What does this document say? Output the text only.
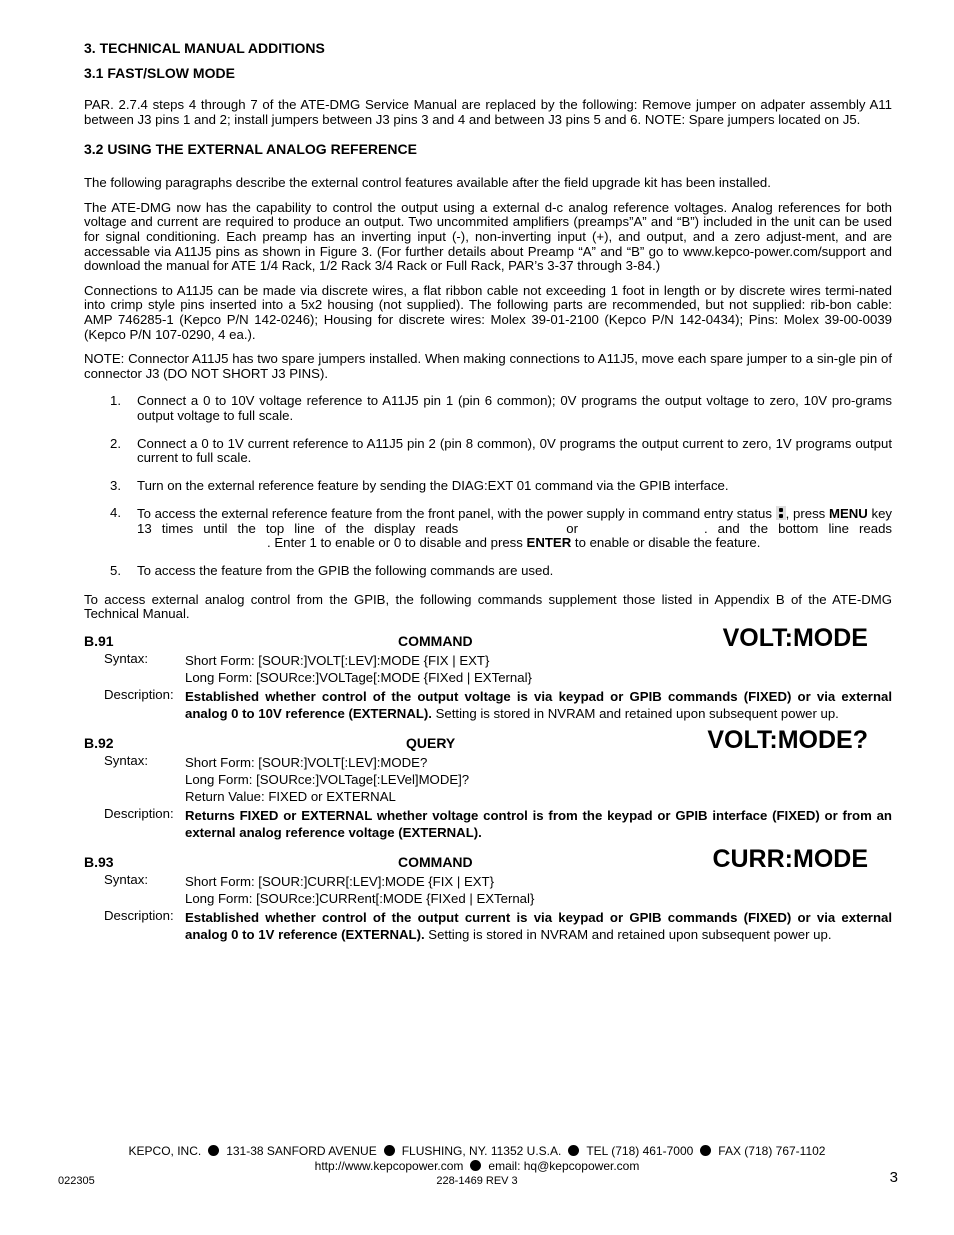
3. TECHNICAL MANUAL ADDITIONS
3.1 FAST/SLOW MODE

PAR. 2.7.4 steps 4 through 7 of the ATE-DMG Service Manual are replaced by the following: Remove jumper on adpater assembly A11 between J3 pins 1 and 2; install jumpers between J3 pins 3 and 4 and between J3 pins 5 and 6. NOTE: Spare jumpers located on J5.

3.2 USING THE EXTERNAL ANALOG REFERENCE

The following paragraphs describe the external control features available after the field upgrade kit has been installed.

The ATE-DMG now has the capability to control the output using a external d-c analog reference voltages. Analog references for both voltage and current are required to produce an output. Two uncommited amplifiers (preamps”A” and “B”) included in the unit can be used for signal conditioning. Each preamp has an inverting input (-), non-inverting input (+), and output, and a zero adjust-ment, and are accessable via A11J5 pins as shown in Figure 3. (For further details about Preamp “A” and “B” go to www.kepco-power.com/support and download the manual for ATE 1/4 Rack, 1/2 Rack 3/4 Rack or Full Rack, PAR’s 3-37 through 3-84.)

Connections to A11J5 can be made via discrete wires, a flat ribbon cable not exceeding 1 foot in length or by discrete wires termi-nated into crimp style pins inserted into a 5x2 housing (not supplied). The following parts are recommended, but not supplied: rib-bon cable: AMP 746285-1 (Kepco P/N 142-0246); Housing for discrete wires: Molex 39-01-2100 (Kepco P/N 142-0434); Pins: Molex 39-00-0039 (Kepco P/N 107-0290, 4 ea.).

NOTE: Connector A11J5 has two spare jumpers installed. When making connections to A11J5, move each spare jumper to a sin-gle pin of connector J3 (DO NOT SHORT J3 PINS).

1. Connect a 0 to 10V voltage reference to A11J5 pin 1 (pin 6 common); 0V programs the output voltage to zero, 10V pro-grams output voltage to full scale.
2. Connect a 0 to 1V current reference to A11J5 pin 2 (pin 8 common), 0V programs the output current to zero, 1V programs output current to full scale.
3. Turn on the external reference feature by sending the DIAG:EXT 01 command via the GPIB interface.
4. To access the external reference feature from the front panel, with the power supply in command entry status , press MENU key 13 times until the top line of the display reads	or	. and the bottom line reads. Enter 1 to enable or 0 to disable and press ENTER to enable or disable the feature.
5. To access the feature from the GPIB the following commands are used.

To access external analog control from the GPIB, the following commands supplement those listed in Appendix B of the ATE-DMG Technical Manual.

B.91	COMMAND	VOLT:MODE
Syntax:	Short Form: [SOUR:]VOLT[:LEV]:MODE {FIX | EXT}
Long Form: [SOURce:]VOLTage[:MODE {FIXed | EXTernal}
Description: Established whether control of the output voltage is via keypad or GPIB commands (FIXED) or via external analog 0 to 10V reference (EXTERNAL). Setting is stored in NVRAM and retained upon subsequent power up.
B.92	QUERY	VOLT:MODE?
Syntax:	Short Form: [SOUR:]VOLT[:LEV]:MODE?
Long Form: [SOURce:]VOLTage[:LEVel]MODE]?
Return Value: FIXED or EXTERNAL
Description: Returns FIXED or EXTERNAL whether voltage control is from the keypad or GPIB interface (FIXED) or from an external analog reference voltage (EXTERNAL).
B.93	COMMAND	CURR:MODE
Syntax:	Short Form: [SOUR:]CURR[:LEV]:MODE {FIX | EXT}
Long Form: [SOURce:]CURRent[:MODE {FIXed | EXTernal}
Description: Established whether control of the output current is via keypad or GPIB commands (FIXED) or via external analog 0 to 1V reference (EXTERNAL). Setting is stored in NVRAM and retained upon subsequent power up.
KEPCO, INC. 131-38 SANFORD AVENUE FLUSHING, NY. 11352 U.S.A. TEL (718) 461-7000 FAX (718) 767-1102
http://www.kepcopower.com email: hq@kepcopower.com
022305	228-1469 REV 3	3
